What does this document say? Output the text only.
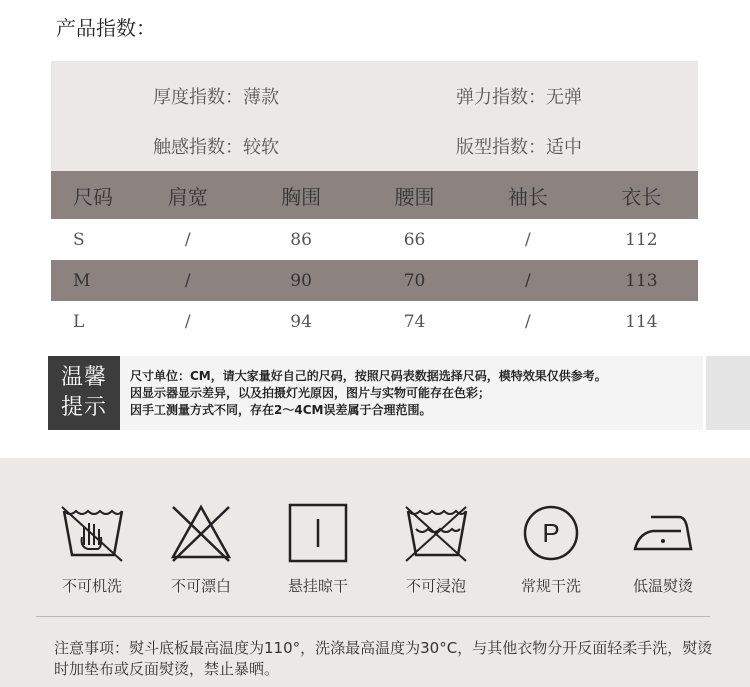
产品指数：
厚度指数：薄款	弹力指数：无弹
触感指数：较软	版型指数：适中
尺码	肩宽	胸围	腰围	袖长	衣长
S	/	86	66	/	112
M	/	90	70	/	113
L	/	94	74	/	114
温馨
提示
尺寸单位：CM，请大家量好自己的尺码，按照尺码表数据选择尺码，模特效果仅供参考。
因显示器显示差异，以及拍摄灯光原因，图片与实物可能存在色彩；
因手工测量方式不同，存在2～4CM误差属于合理范围。
不可机洗	不可漂白	悬挂晾干	不可浸泡
P
常规干洗	低温熨烫
注意事项：熨斗底板最高温度为110°，洗涤最高温度为30°C，与其他衣物分开反面轻柔手洗，熨烫时加垫布或反面熨烫，禁止暴晒。
